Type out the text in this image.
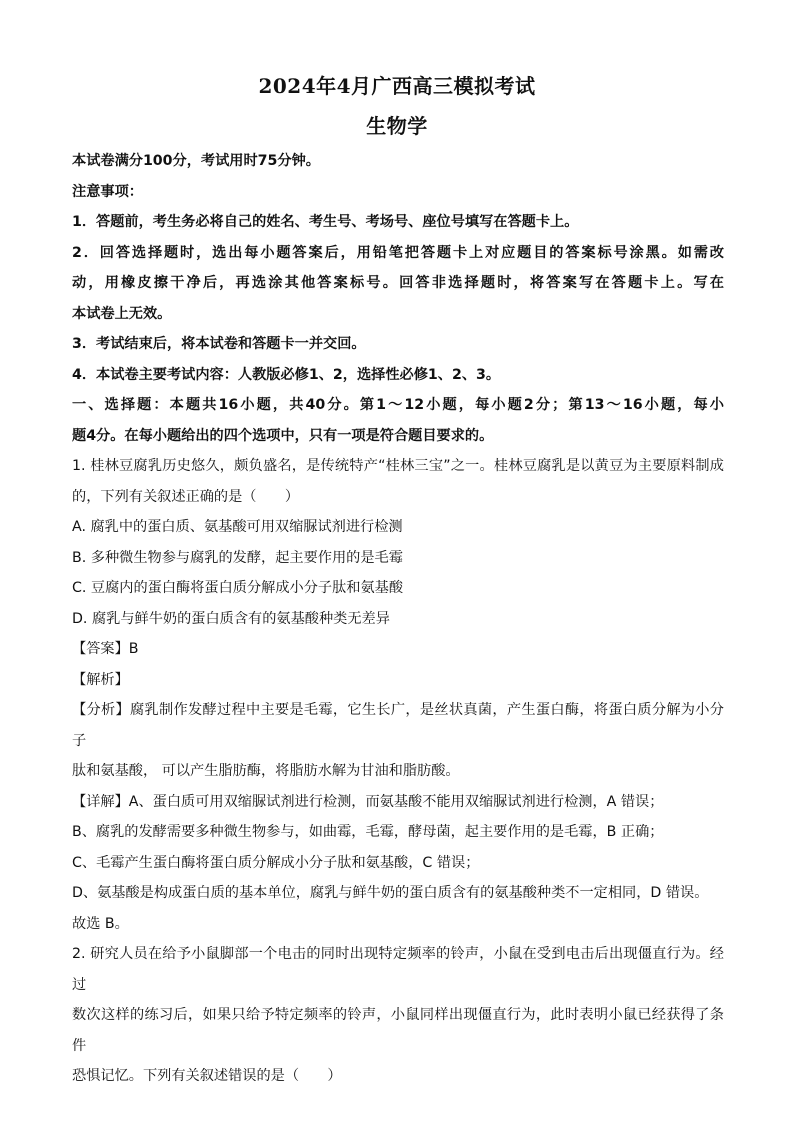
2024年4月广西高三模拟考试
生物学

本试卷满分100分，考试用时75分钟。

注意事项：

1．答题前，考生务必将自己的姓名、考生号、考场号、座位号填写在答题卡上。

2．回答选择题时，选出每小题答案后，用铅笔把答题卡上对应题目的答案标号涂黑。如需改

动，用橡皮擦干净后，再选涂其他答案标号。回答非选择题时，将答案写在答题卡上。写在

本试卷上无效。

3．考试结束后，将本试卷和答题卡一并交回。

4．本试卷主要考试内容：人教版必修1、2，选择性必修1、2、3。

一、选择题：本题共16小题，共40分。第1～12小题，每小题2分；第13～16小题，每小

题4分。在每小题给出的四个选项中，只有一项是符合题目要求的。

1. 桂林豆腐乳历史悠久，颇负盛名，是传统特产“桂林三宝”之一。桂林豆腐乳是以黄豆为主要原料制成

的，下列有关叙述正确的是（　　）

A. 腐乳中的蛋白质、氨基酸可用双缩脲试剂进行检测

B. 多种微生物参与腐乳的发酵，起主要作用的是毛霉

C. 豆腐内的蛋白酶将蛋白质分解成小分子肽和氨基酸

D. 腐乳与鲜牛奶的蛋白质含有的氨基酸种类无差异

【答案】B

【解析】

【分析】腐乳制作发酵过程中主要是毛霉，它生长广，是丝状真菌，产生蛋白酶，将蛋白质分解为小分子

肽和氨基酸， 可以产生脂肪酶，将脂肪水解为甘油和脂肪酸。

【详解】A、蛋白质可用双缩脲试剂进行检测，而氨基酸不能用双缩脲试剂进行检测，A 错误；

B、腐乳的发酵需要多种微生物参与，如曲霉，毛霉，酵母菌，起主要作用的是毛霉，B 正确；

C、毛霉产生蛋白酶将蛋白质分解成小分子肽和氨基酸，C 错误；

D、氨基酸是构成蛋白质的基本单位，腐乳与鲜牛奶的蛋白质含有的氨基酸种类不一定相同，D 错误。

故选 B。

2. 研究人员在给予小鼠脚部一个电击的同时出现特定频率的铃声，小鼠在受到电击后出现僵直行为。经过

数次这样的练习后，如果只给予特定频率的铃声，小鼠同样出现僵直行为，此时表明小鼠已经获得了条件

恐惧记忆。下列有关叙述错误的是（　　）
